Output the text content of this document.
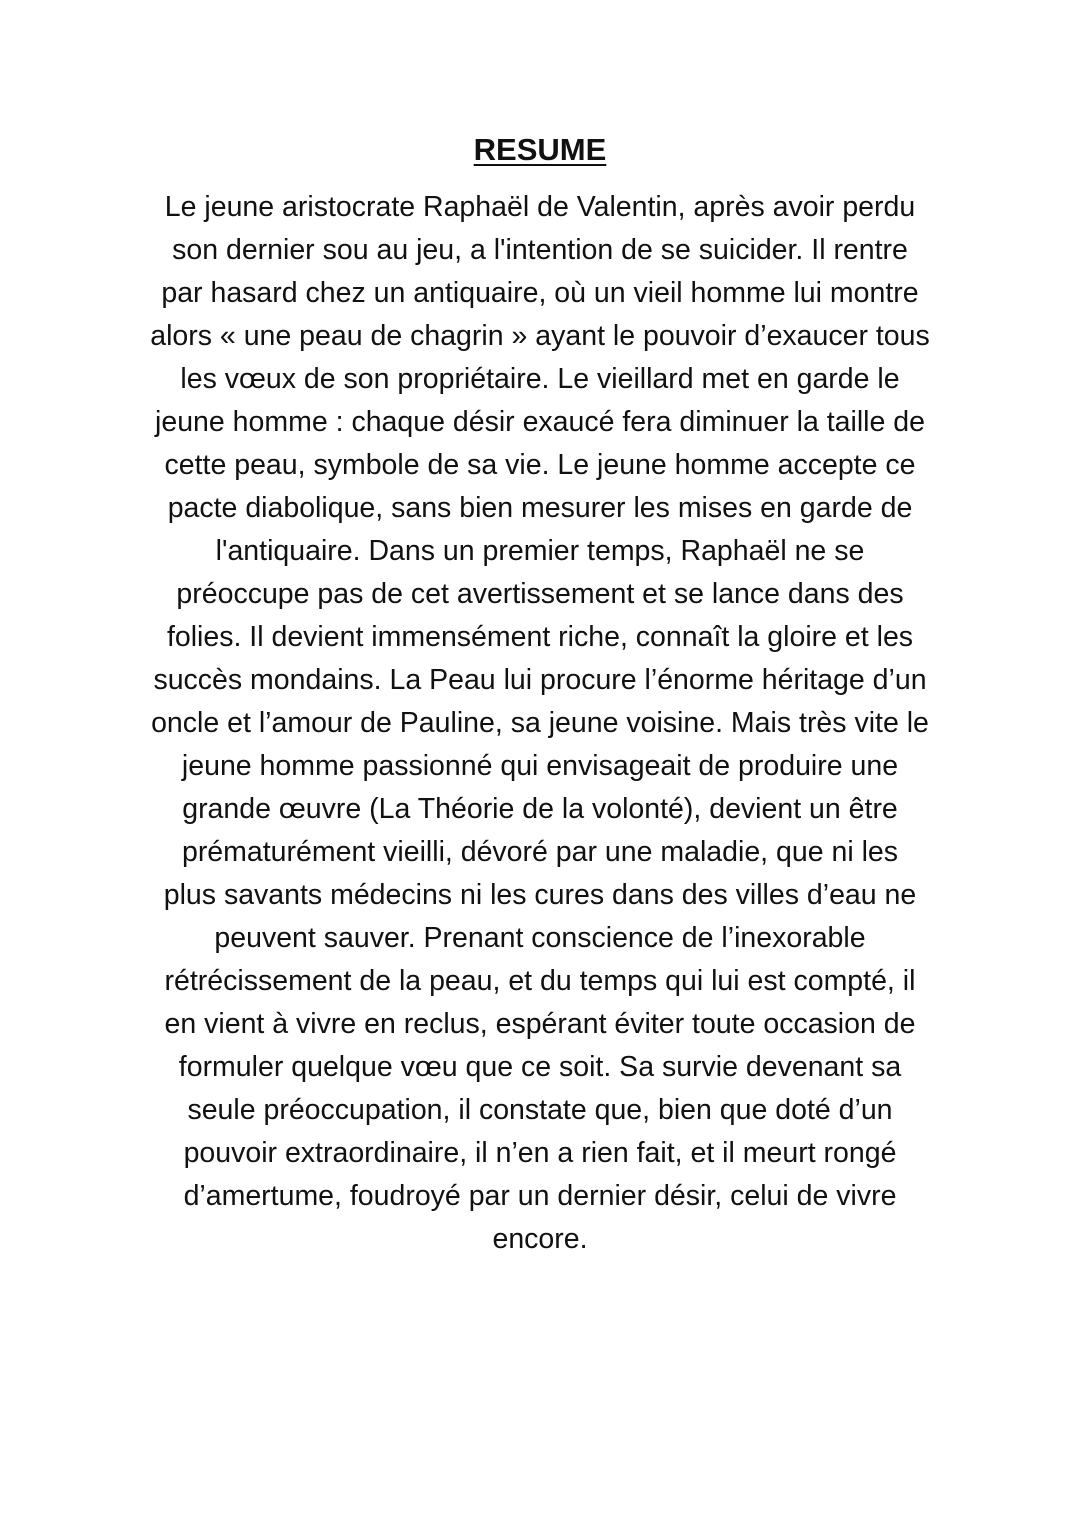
RESUME

Le jeune aristocrate Raphaël de Valentin, après avoir perdu
son dernier sou au jeu, a l'intention de se suicider. Il rentre
par hasard chez un antiquaire, où un vieil homme lui montre
alors « une peau de chagrin » ayant le pouvoir d’exaucer tous
les vœux de son propriétaire. Le vieillard met en garde le
jeune homme : chaque désir exaucé fera diminuer la taille de
cette peau, symbole de sa vie. Le jeune homme accepte ce
pacte diabolique, sans bien mesurer les mises en garde de
l'antiquaire. Dans un premier temps, Raphaël ne se
préoccupe pas de cet avertissement et se lance dans des
folies. Il devient immensément riche, connaît la gloire et les
succès mondains. La Peau lui procure l’énorme héritage d’un
oncle et l’amour de Pauline, sa jeune voisine. Mais très vite le
jeune homme passionné qui envisageait de produire une
grande œuvre (La Théorie de la volonté), devient un être
prématurément vieilli, dévoré par une maladie, que ni les
plus savants médecins ni les cures dans des villes d’eau ne
peuvent sauver. Prenant conscience de l’inexorable
rétrécissement de la peau, et du temps qui lui est compté, il
en vient à vivre en reclus, espérant éviter toute occasion de
formuler quelque vœu que ce soit. Sa survie devenant sa
seule préoccupation, il constate que, bien que doté d’un
pouvoir extraordinaire, il n’en a rien fait, et il meurt rongé
d’amertume, foudroyé par un dernier désir, celui de vivre
encore.
